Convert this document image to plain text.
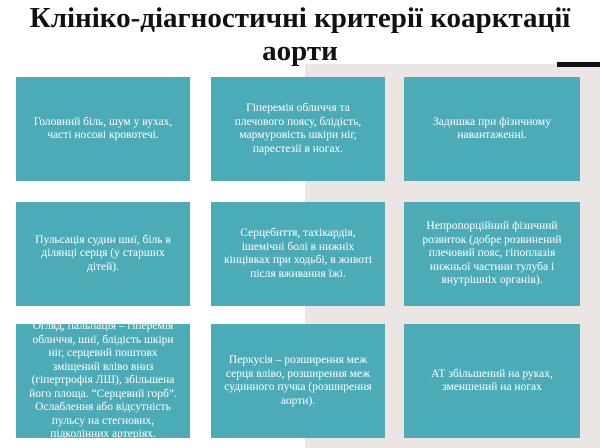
Клініко-діагностичні критерії коарктації аорти
Головний біль, шум у вухах, часті носові кровотечі.
Гіперемія обличчя та плечового поясу, блідість, мармуровість шкіри ніг, парестезії в ногах.
Задишка при фізичному навантаженні.
Пульсація судин шиї, біль в ділянці серця (у старших дітей).
Серцебиття, тахікардія, ішемічні болі в нижніх кінцівках при ходьбі, в животі після вживання їжі.
Непропорційний фізичний розвиток (добре розвинений плечовий пояс, гіпоплазія нижньої частини тулуба і внутрішніх органів).
Огляд, пальпація – гіперемія обличчя, шиї, блідість шкіри ніг, серцевий поштовх зміщений вліво вниз (гіпертрофія ЛШ), збільшена його площа. “Серцевий горб”. Ослаблення або відсутність пульсу на стегнових, підколінних артеріях.
Перкусія – розширення меж серця вліво, розширення меж судинного пучка (розширення аорти).
АТ збільшений на руках, зменшений на ногах
